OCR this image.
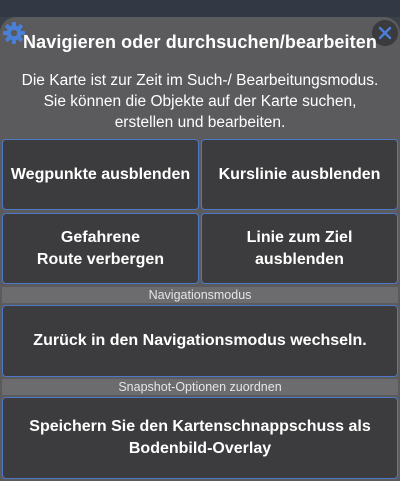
Navigieren oder durchsuchen/bearbeiten
Die Karte ist zur Zeit im Such-/ Bearbeitungsmodus. Sie können die Objekte auf der Karte suchen, erstellen und bearbeiten.
Wegpunkte ausblenden Kurslinie ausblenden
Gefahrene
Route verbergen
Linie zum Ziel
ausblenden
Navigationsmodus
Zurück in den Navigationsmodus wechseln.
Snapshot-Optionen zuordnen
Speichern Sie den Kartenschnappschuss als
Bodenbild-Overlay
